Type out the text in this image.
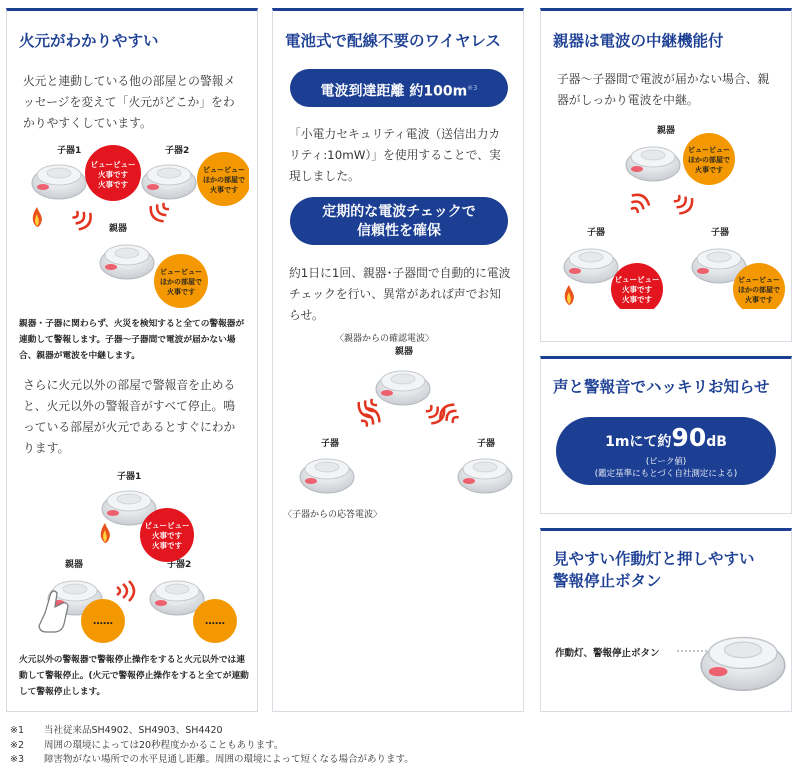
火元がわかりやすい
火元と連動している他の部屋との警報メッセージを変えて「火元がどこか」をわかりやすくしています。
子器1	子器2
親器
ビュービュー
火事です
火事です
ビュービュー
ほかの部屋で
火事です
ビュービュー
ほかの部屋で
火事です
親器・子器に関わらず、火災を検知すると全ての警報器が連動して警報します。子器～子器間で電波が届かない場合、親器が電波を中継します。
さらに火元以外の部屋で警報音を止めると、火元以外の警報音がすべて停止。鳴っている部屋が火元であるとすぐにわかります。
子器1
親器	子器2
ビュービュー
火事です
火事です
……	……
火元以外の警報器で警報停止操作をすると火元以外では連動して警報停止。(火元で警報停止操作をすると全てが連動して警報停止します。
電池式で配線不要のワイヤレス
電波到達距離 約$100m^{※3}$
「小電力セキュリティ電波（送信出力カリティ:10mW）」を使用することで、実現しました。
定期的な電波チェックで
信頼性を確保
約1日に1回、親器･子器間で自動的に電波チェックを行い、異常があれば声でお知らせ。
〈親器からの確認電波〉
親器
子器	子器
〈子器からの応答電波〉
親器は電波の中継機能付
子器～子器間で電波が届かない場合、親器がしっかり電波を中継。
親器
子器	子器
ビュービュー
ほかの部屋で
火事です
ビュービュー
火事です
火事です
ビュービュー
ほかの部屋で
火事です
声と警報音でハッキリお知らせ
1mにて約90dB
(ピーク値)
(鑑定基準にもとづく自社測定による)
見やすい作動灯と押しやすい
警報停止ボタン
作動灯、警報停止ボタン
※1	当社従来品SH4902、SH4903、SH4420
※2	周囲の環境によっては20秒程度かかることもあります。
※3	障害物がない場所での水平見通し距離。周囲の環境によって短くなる場合があります。
